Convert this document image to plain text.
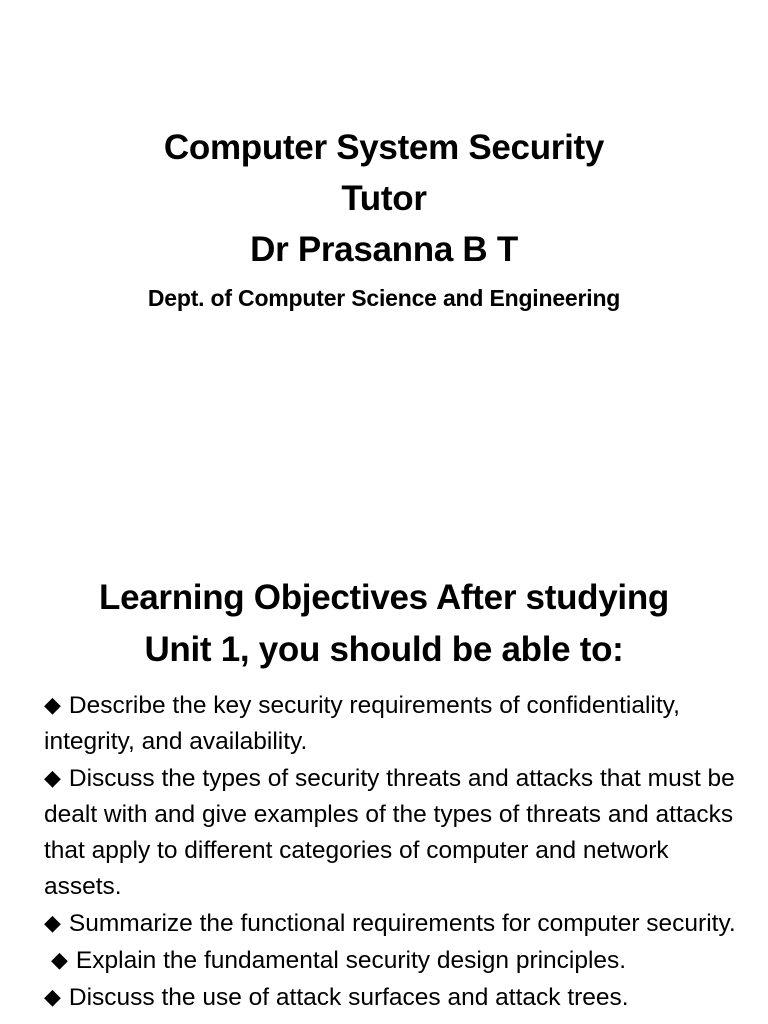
Computer System Security
Tutor
Dr Prasanna B T
Dept. of Computer Science and Engineering
Learning Objectives After studying
Unit 1, you should be able to:
◆ Describe the key security requirements of confidentiality, integrity, and availability.
◆ Discuss the types of security threats and attacks that must be dealt with and give examples of the types of threats and attacks that apply to different categories of computer and network assets.
◆ Summarize the functional requirements for computer security.
◆ Explain the fundamental security design principles.
◆ Discuss the use of attack surfaces and attack trees.
